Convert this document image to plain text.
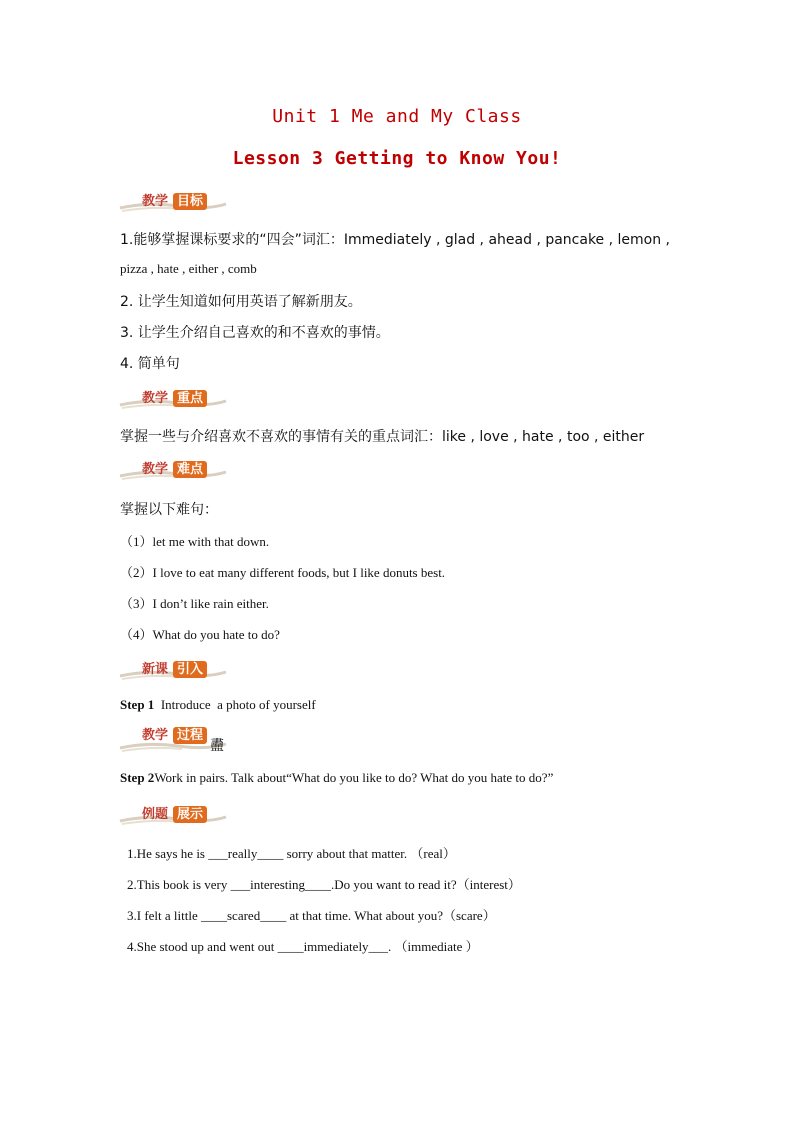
Unit 1 Me and My Class
Lesson 3 Getting to Know You!
教学 目标
1.能够掌握课标要求的“四会”词汇：Immediately , glad , ahead , pancake , lemon ,
pizza , hate , either , comb
2. 让学生知道如何用英语了解新朋友。
3. 让学生介绍自己喜欢的和不喜欢的事情。
4. 简单句
教学 重点
掌握一些与介绍喜欢不喜欢的事情有关的重点词汇：like , love , hate , too , either
教学 难点
掌握以下难句：
（1）let me with that down.
（2）I love to eat many different foods, but I like donuts best.
（3）I don’t like rain either.
（4）What do you hate to do?
新课 引入
Step 1  Introduce  a photo of yourself
教学 过程
䀌
Step 2Work in pairs. Talk about“What do you like to do? What do you hate to do?”
例题 展示
1.He says he is ___really____ sorry about that matter. （real）
2.This book is very ___interesting____.Do you want to read it?（interest）
3.I felt a little ____scared____ at that time. What about you?（scare）
4.She stood up and went out ____immediately___. （immediate ）
